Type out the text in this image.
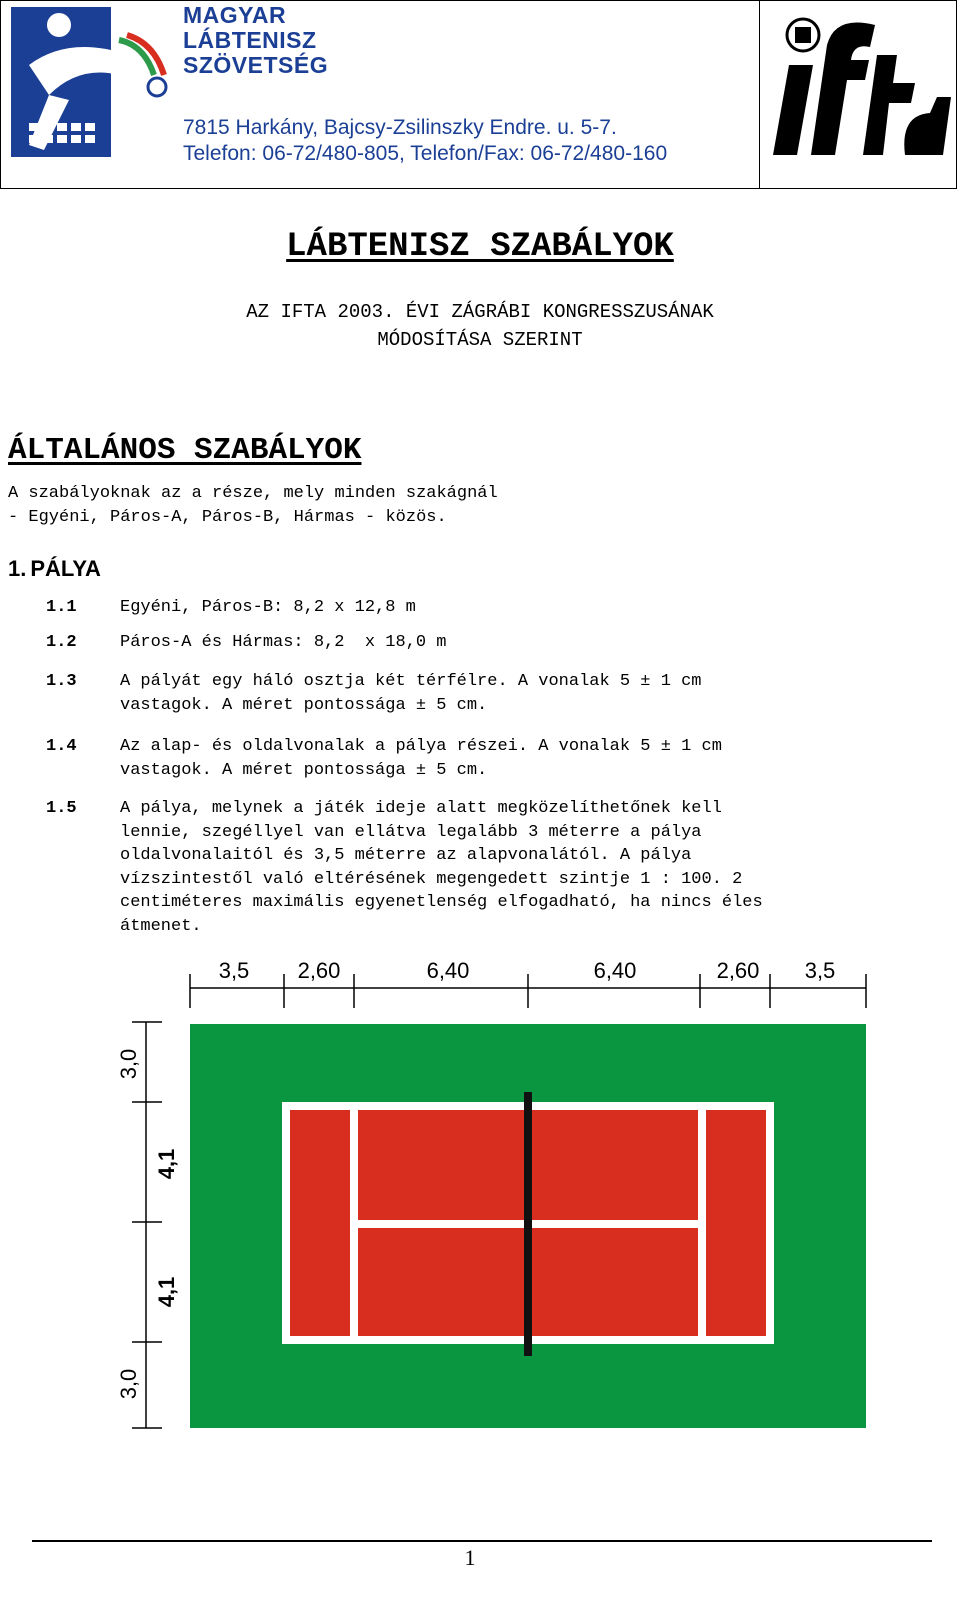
MAGYAR
LÁBTENISZ
SZÖVETSÉG
7815 Harkány, Bajcsy-Zsilinszky Endre. u. 5-7.
Telefon: 06-72/480-805, Telefon/Fax: 06-72/480-160
LÁBTENISZ SZABÁLYOK
AZ IFTA 2003. ÉVI ZÁGRÁBI KONGRESSZUSÁNAK
MÓDOSÍTÁSA SZERINT
ÁLTALÁNOS SZABÁLYOK
A szabályoknak az a része, mely minden szakágnál
- Egyéni, Páros-A, Páros-B, Hármas - közös.
1. PÁLYA
1.1	Egyéni, Páros-B: 8,2 x 12,8 m
1.2	Páros-A és Hármas: 8,2  x 18,0 m
1.3	A pályát egy háló osztja két térfélre. A vonalak 5 ± 1 cm
vastagok. A méret pontossága ± 5 cm.
1.4	Az alap- és oldalvonalak a pálya részei. A vonalak 5 ± 1 cm
vastagok. A méret pontossága ± 5 cm.
1.5	A pálya, melynek a játék ideje alatt megközelíthetőnek kell
lennie, szegéllyel van ellátva legalább 3 méterre a pálya
oldalvonalaitól és 3,5 méterre az alapvonalától. A pálya
vízszintestől való eltérésének megengedett szintje 1 : 100. 2
centiméteres maximális egyenetlenség elfogadható, ha nincs éles
átmenet.
3,5 2,60	6,40	6,40	2,60 3,5
3,0
4,1
4,1
3,0
1
